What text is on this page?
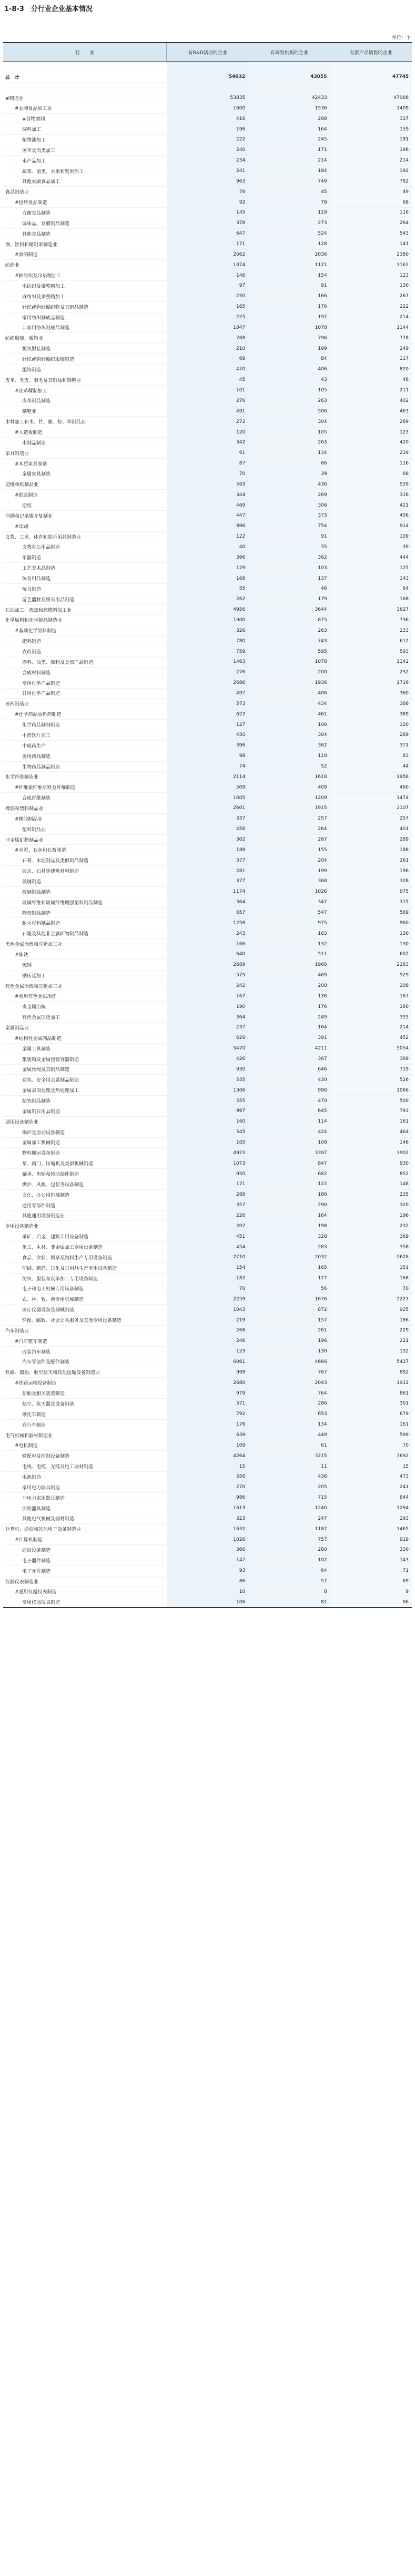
1-8-3　分行业企业基本情况
单位：个
行　　业	有R&D活动的企业	有研发机构的企业	有新产品销售的企业

总　计	54032	43055	47745

#制造业	53835	42433	47066
#农副食品加工业	1600	1536	1409
#谷物磨制	416	298	337
饲料加工	196	164	159
植物油加工	222	245	191
屠宰及肉类加工	240	171	166
水产品加工	234	214	214
蔬菜、菌类、水果和坚果加工	241	184	192
其他农副食品加工	963	749	782
食品制造业	78	45	49
#焙烤食品制造	92	79	68
方便食品制造	145	119	116
调味品、发酵制品制造	378	273	264
其他食品制造	647	524	543
酒、饮料和精制茶制造业	171	128	141
#酒的制造	2062	2036	2380
纺织业	1074	1121	1162
#棉纺织及印染精加工	146	154	123
毛纺织及染整精加工	97	91	130
麻纺织及染整精加工	230	166	267
针织或钩针编织物及其制品制造	165	176	222
家用纺织制成品制造	225	197	214
非家用纺织制成品制造	1047	1078	1144
纺织服装、服饰业	768	796	778
机织服装制造	210	199	249
针织或钩针编织服装制造	69	84	117
服饰制造	470	406	820
皮革、毛皮、羽毛及其制品和制鞋业	45	43	46
#皮革鞣制加工	101	105	211
皮革制品制造	276	263	402
制鞋业	491	506	463
木材加工和木、竹、藤、棕、草制品业	272	304	269
#人造板制造	120	105	123
木制品制造	342	263	420
家具制造业	61	134	219
#木质家具制造	87	66	116
金属家具制造	70	39	68
造纸和纸制品业	593	436	539
#纸浆制造	344	269	316
造纸	469	306	421
印刷和记录媒介复制业	447	373	406
#印刷	896	754	914
文教、工美、体育和娱乐用品制造业	122	91	109
文教办公用品制造	40	35	39
乐器制造	396	362	444
工艺美术品制造	129	103	125
体育用品制造	168	137	143
玩具制造	55	46	64
游艺器材及娱乐用品制造	262	179	168
石油加工、炼焦和核燃料加工业	4956	3644	3627
化学原料和化学制品制造业	1000	875	736
#基础化学原料制造	326	263	233
肥料制造	780	743	612
农药制造	759	595	593
涂料、油墨、颜料及类似产品制造	1463	1078	1142
合成材料制造	276	200	232
专用化学产品制造	2686	1936	1716
日用化学产品制造	497	406	360
医药制造业	573	434	366
#化学药品原料药制造	622	461	389
化学药品制剂制造	127	106	120
中药饮片加工	430	304	269
中成药生产	396	362	371
兽用药品制造	98	110	83
生物药品制品制造	74	52	44
化学纤维制造业	2114	1618	1958
#纤维素纤维原料及纤维制造	509	409	460
合成纤维制造	1605	1209	1474
橡胶和塑料制品业	2601	1915	2107
#橡胶制品业	337	257	257
塑料制品业	456	264	401
非金属矿物制品业	302	267	289
#水泥、石灰和石膏制造	188	155	188
石膏、水泥制品及类似制品制造	377	204	261
砖瓦、石材等建筑材料制造	281	199	196
玻璃制造	377	368	328
玻璃制品制造	1174	1026	975
玻璃纤维和玻璃纤维增强塑料制品制造	364	347	315
陶瓷制品制造	657	547	569
耐火材料制品制造	1258	975	960
石墨及其他非金属矿物制品制造	243	183	130
黑色金属冶炼和压延加工业	166	132	130
#炼铁	640	511	602
炼钢	2689	1966	2283
钢压延加工	575	469	529
有色金属冶炼和压延加工业	242	200	208
#常用有色金属冶炼	167	136	167
贵金属冶炼	190	176	160
有色金属压延加工	364	249	333
金属制品业	237	164	214
#结构性金属制品制造	629	391	452
金属工具制造	5470	4211	5054
集装箱及金属包装容器制造	426	367	369
金属丝绳及其制品制造	930	646	719
建筑、安全用金属制品制造	535	430	526
金属表面处理及热处理加工	1306	996	1066
搪瓷制品制造	555	470	500
金属制日用品制造	997	645	793
通用设备制造业	160	114	161
锅炉及原动设备制造	545	424	464
金属加工机械制造	105	108	146
物料搬运设备制造	4923	3397	3902
泵、阀门、压缩机及类似机械制造	1073	847	930
轴承、齿轮和传动部件制造	950	682	852
烘炉、风机、包装等设备制造	171	122	148
文化、办公用机械制造	289	186	235
通用零部件制造	357	290	320
其他通用设备制造业	226	164	196
专用设备制造业	207	198	232
采矿、冶金、建筑专用设备制造	451	328	369
化工、木材、非金属加工专用设备制造	454	283	358
食品、饮料、烟草及饲料生产专用设备制造	2710	2032	2628
印刷、制药、日化及日用品生产专用设备制造	154	165	151
纺织、服装和皮革加工专用设备制造	182	127	168
电子和电工机械专用设备制造	70	56	70
农、林、牧、渔专用机械制造	2259	1676	2227
医疗仪器设备及器械制造	1043	872	925
环保、邮政、社会公共服务及其他专用设备制造	219	157	186
汽车制造业	266	261	229
#汽车整车制造	246	196	221
改装汽车制造	123	130	132
汽车零部件及配件制造	6061	4666	5427
铁路、船舶、航空航天和其他运输设备制造业	999	767	892
#铁路运输设备制造	2680	2043	1912
船舶及相关装置制造	979	764	861
航空、航天器及设备制造	371	286	301
摩托车制造	792	653	679
自行车制造	176	134	161
电气机械和器材制造业	639	449	599
#电机制造	109	61	70
输配电及控制设备制造	4264	3215	3692
电线、电缆、光缆及电工器材制造	15	11	15
电池制造	556	436	473
家用电力器具制造	270	205	241
非电力家用器具制造	986	715	844
照明器具制造	1613	1240	1294
其他电气机械及器材制造	323	247	293
计算机、通信和其他电子设备制造业	1632	1187	1465
#计算机制造	1026	757	919
通信设备制造	366	280	330
电子器件制造	147	102	143
电子元件制造	93	64	71
仪器仪表制造业	86	57	69
#通用仪器仪表制造	10	8	9
专用仪器仪表制造	106	81	96
